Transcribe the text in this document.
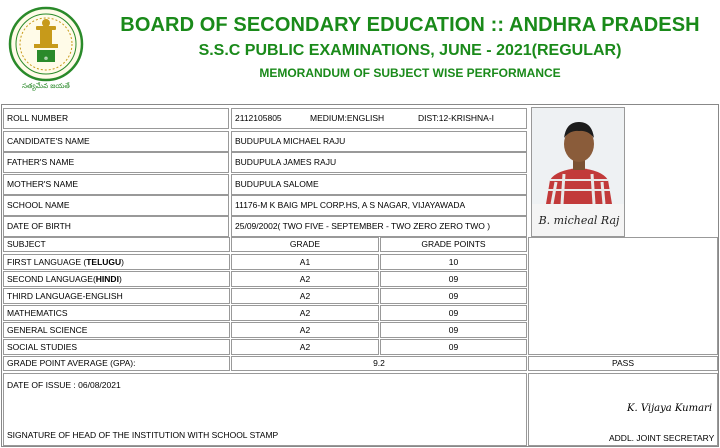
☸
సత్యమేవ జయతే
BOARD OF SECONDARY EDUCATION :: ANDHRA PRADESH
S.S.C PUBLIC EXAMINATIONS, JUNE - 2021(REGULAR)
MEMORANDUM OF SUBJECT WISE PERFORMANCE
ROLL NUMBER	2112105805	MEDIUM:ENGLISH	DIST:12-KRISHNA-I
CANDIDATE'S NAME	BUDUPULA MICHAEL RAJU
FATHER'S NAME	BUDUPULA JAMES RAJU
MOTHER'S NAME	BUDUPULA SALOME
SCHOOL NAME	11176-M K BAIG MPL CORP.HS, A S NAGAR, VIJAYAWADA
DATE OF BIRTH	25/09/2002( TWO FIVE - SEPTEMBER - TWO ZERO ZERO TWO )	B. micheal Raj
SUBJECT	GRADE	GRADE POINTS
FIRST LANGUAGE ( TELUGU )	A1	10
SECOND LANGUAGE( HINDI )	A2	09
THIRD LANGUAGE-ENGLISH	A2	09
MATHEMATICS	A2	09
GENERAL SCIENCE	A2	09
SOCIAL STUDIES	A2	09
GRADE POINT AVERAGE (GPA):	9.2	PASS
DATE OF ISSUE : 06/08/2021
SIGNATURE OF HEAD OF THE INSTITUTION WITH SCHOOL STAMP
K. Vijaya Kumari
ADDL. JOINT SECRETARY
